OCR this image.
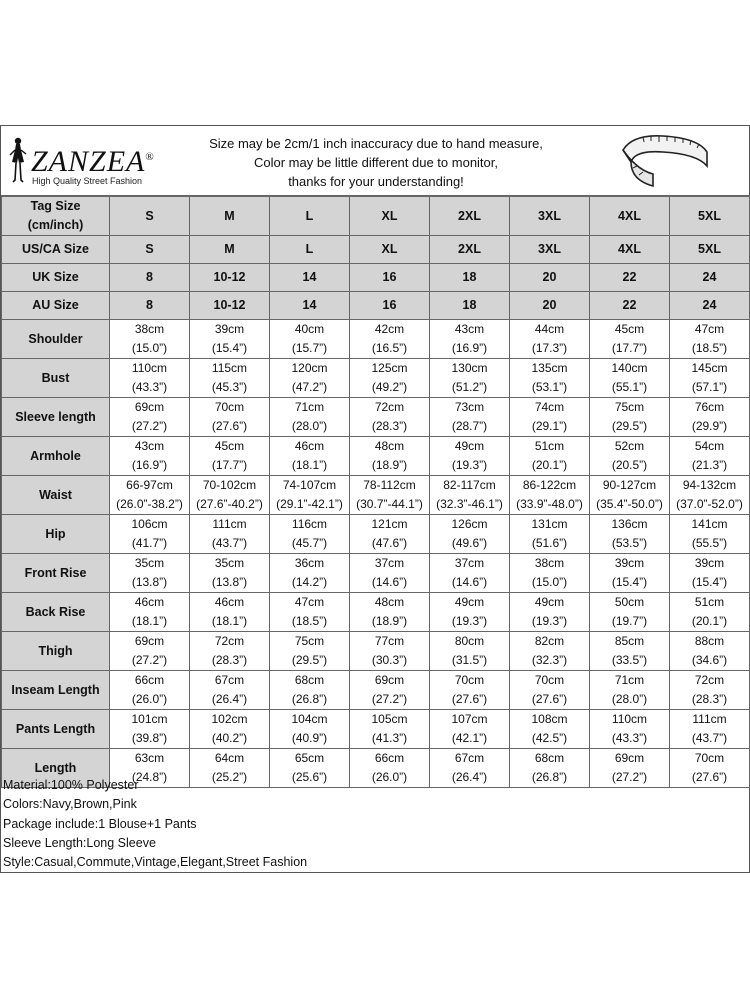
ZANZEA®
High Quality Street Fashion
Size may be 2cm/1 inch inaccuracy due to hand measure,
Color may be little different due to monitor,
thanks for your understanding!
Tag Size
(cm/inch)	S	M	L	XL	2XL	3XL	4XL	5XL

US/CA Size	S	M	L	XL	2XL	3XL	4XL	5XL

UK Size	8	10-12	14	16	18	20	22	24

AU Size	8	10-12	14	16	18	20	22	24
Shoulder	38cm
(15.0”)	39cm
(15.4”)	40cm
(15.7”)	42cm
(16.5”)	43cm
(16.9”)	44cm
(17.3”)	45cm
(17.7”)	47cm
(18.5”)

Bust	110cm
(43.3”)	115cm
(45.3”)	120cm
(47.2”)	125cm
(49.2”)	130cm
(51.2”)	135cm
(53.1”)	140cm
(55.1”)	145cm
(57.1”)

Sleeve length	69cm
(27.2”)	70cm
(27.6”)	71cm
(28.0”)	72cm
(28.3”)	73cm
(28.7”)	74cm
(29.1”)	75cm
(29.5”)	76cm
(29.9”)

Armhole	43cm
(16.9”)	45cm
(17.7”)	46cm
(18.1”)	48cm
(18.9”)	49cm
(19.3”)	51cm
(20.1”)	52cm
(20.5”)	54cm
(21.3”)

Waist	66-97cm
(26.0”-38.2”)	70-102cm
(27.6”-40.2”)	74-107cm
(29.1”-42.1”)	78-112cm
(30.7”-44.1”)	82-117cm
(32.3”-46.1”)	86-122cm
(33.9”-48.0”)	90-127cm
(35.4”-50.0”)	94-132cm
(37.0”-52.0”)

Hip	106cm
(41.7”)	111cm
(43.7”)	116cm
(45.7”)	121cm
(47.6”)	126cm
(49.6”)	131cm
(51.6”)	136cm
(53.5”)	141cm
(55.5”)

Front Rise	35cm
(13.8”)	35cm
(13.8”)	36cm
(14.2”)	37cm
(14.6”)	37cm
(14.6”)	38cm
(15.0”)	39cm
(15.4”)	39cm
(15.4”)

Back Rise	46cm
(18.1”)	46cm
(18.1”)	47cm
(18.5”)	48cm
(18.9”)	49cm
(19.3”)	49cm
(19.3”)	50cm
(19.7”)	51cm
(20.1”)

Thigh	69cm
(27.2”)	72cm
(28.3”)	75cm
(29.5”)	77cm
(30.3”)	80cm
(31.5”)	82cm
(32.3”)	85cm
(33.5”)	88cm
(34.6”)

Inseam Length	66cm
(26.0”)	67cm
(26.4”)	68cm
(26.8”)	69cm
(27.2”)	70cm
(27.6”)	70cm
(27.6”)	71cm
(28.0”)	72cm
(28.3”)

Pants Length	101cm
(39.8”)	102cm
(40.2”)	104cm
(40.9”)	105cm
(41.3”)	107cm
(42.1”)	108cm
(42.5”)	110cm
(43.3”)	111cm
(43.7”)

Length	63cm
(24.8”)	64cm
(25.2”)	65cm
(25.6”)	66cm
(26.0”)	67cm
(26.4”)	68cm
(26.8”)	69cm
(27.2”)	70cm
(27.6”)
Material:100% Polyester
Colors:Navy,Brown,Pink
Package include:1 Blouse+1 Pants
Sleeve Length:Long Sleeve
Style:Casual,Commute,Vintage,Elegant,Street Fashion
